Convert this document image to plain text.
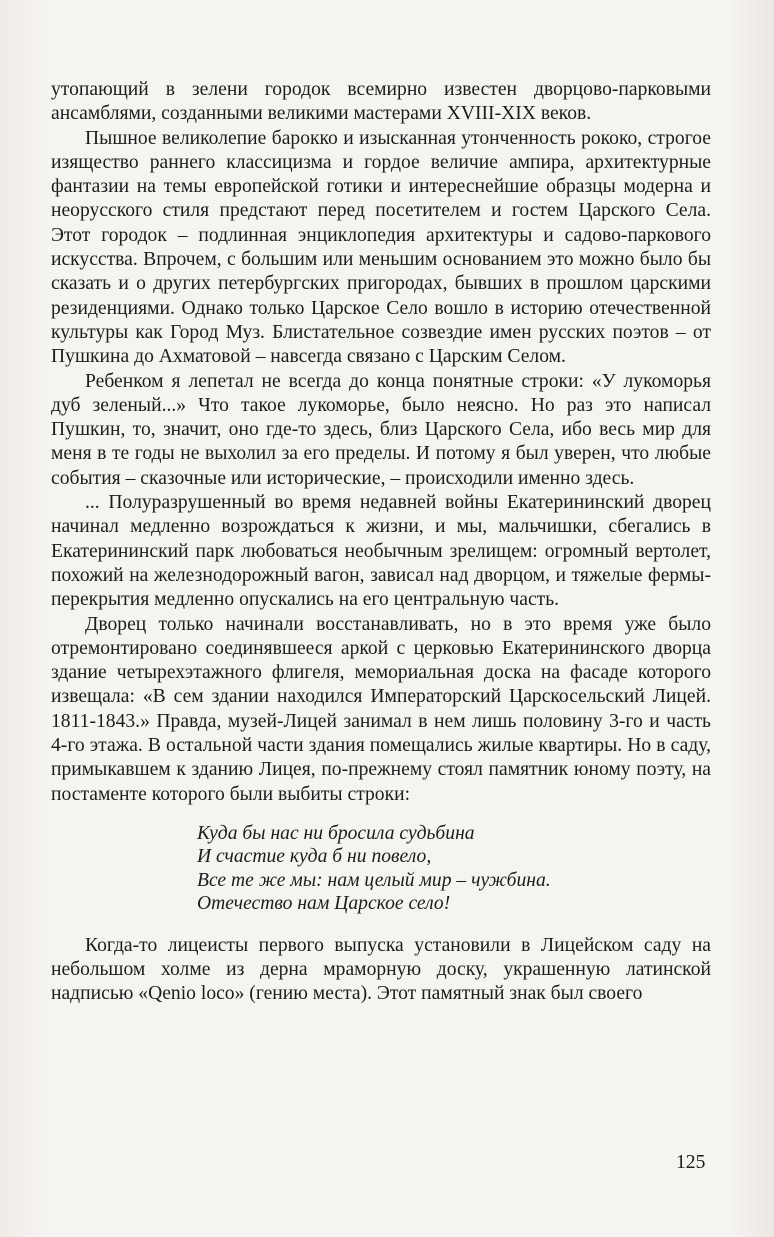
утопающий в зелени городок всемирно известен дворцово-парковыми ансамблями, созданными великими мастерами XVIII-XIX веков.

Пышное великолепие барокко и изысканная утонченность рококо, строгое изящество раннего классицизма и гордое величие ампира, архитектурные фантазии на темы европейской готики и интереснейшие образцы модерна и неорусского стиля предстают перед посетителем и гостем Царского Села. Этот городок – подлинная энциклопедия архитектуры и садово-паркового искусства. Впрочем, с большим или меньшим основанием это можно было бы сказать и о других петербургских пригородах, бывших в прошлом царскими резиденциями. Однако только Царское Село вошло в историю отечественной культуры как Город Муз. Блистательное созвездие имен русских поэтов – от Пушкина до Ахматовой – навсегда связано с Царским Селом.

Ребенком я лепетал не всегда до конца понятные строки: «У лукоморья дуб зеленый...» Что такое лукоморье, было неясно. Но раз это написал Пушкин, то, значит, оно где-то здесь, близ Царского Села, ибо весь мир для меня в те годы не выхолил за его пределы. И потому я был уверен, что любые события – сказочные или исторические, – происходили именно здесь.

... Полуразрушенный во время недавней войны Екатерининский дворец начинал медленно возрождаться к жизни, и мы, мальчишки, сбегались в Екатерининский парк любоваться необычным зрелищем: огромный вертолет, похожий на железнодорожный вагон, зависал над дворцом, и тяжелые фермы-перекрытия медленно опускались на его центральную часть.

Дворец только начинали восстанавливать, но в это время уже было отремонтировано соединявшееся аркой с церковью Екатерининского дворца здание четырехэтажного флигеля, мемориальная доска на фасаде которого извещала: «В сем здании находился Императорский Царскосельский Лицей. 1811-1843.» Правда, музей-Лицей занимал в нем лишь половину 3-го и часть 4-го этажа. В остальной части здания помещались жилые квартиры. Но в саду, примыкавшем к зданию Лицея, по-прежнему стоял памятник юному поэту, на постаменте которого были выбиты строки:

Куда бы нас ни бросила судьбина
И счастие куда б ни повело,
Все те же мы: нам целый мир – чужбина.
Отечество нам Царское село!

Когда-то лицеисты первого выпуска установили в Лицейском саду на небольшом холме из дерна мраморную доску, украшенную латинской надписью «Qenio loco» (гению места). Этот памятный знак был своего

125
